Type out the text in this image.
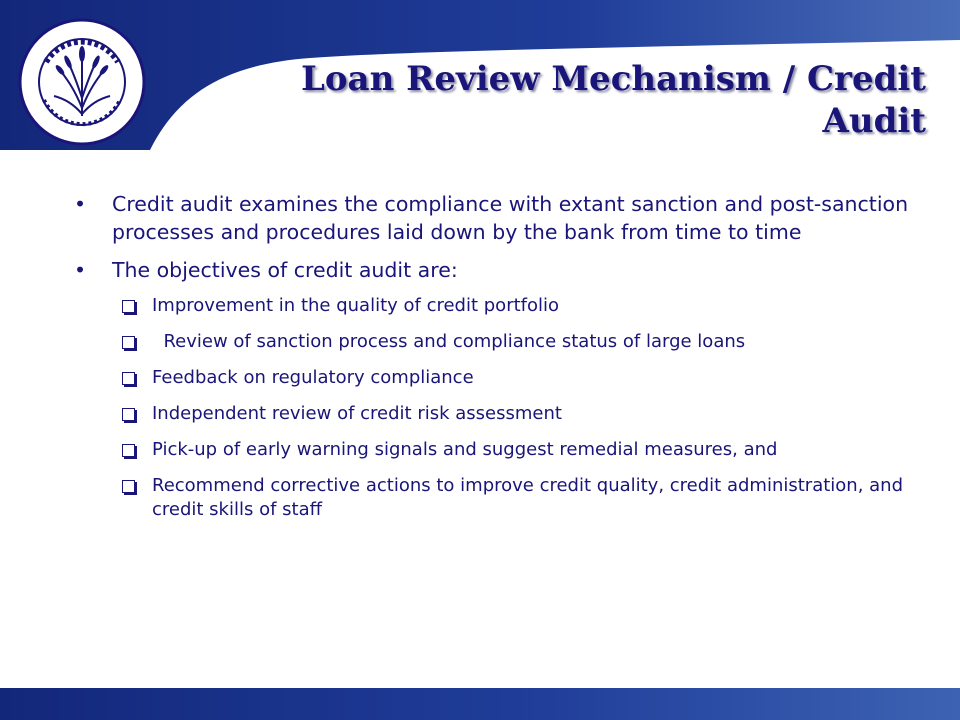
Loan Review Mechanism / Credit Audit
• Credit audit examines the compliance with extant sanction and post-sanction processes and procedures laid down by the bank from time to time
• The objectives of credit audit are:
Improvement in the quality of credit portfolio
Review of sanction process and compliance status of large loans
Feedback on regulatory compliance
Independent review of credit risk assessment
Pick-up of early warning signals and suggest remedial measures, and
Recommend corrective actions to improve credit quality, credit administration, and credit skills of staff
